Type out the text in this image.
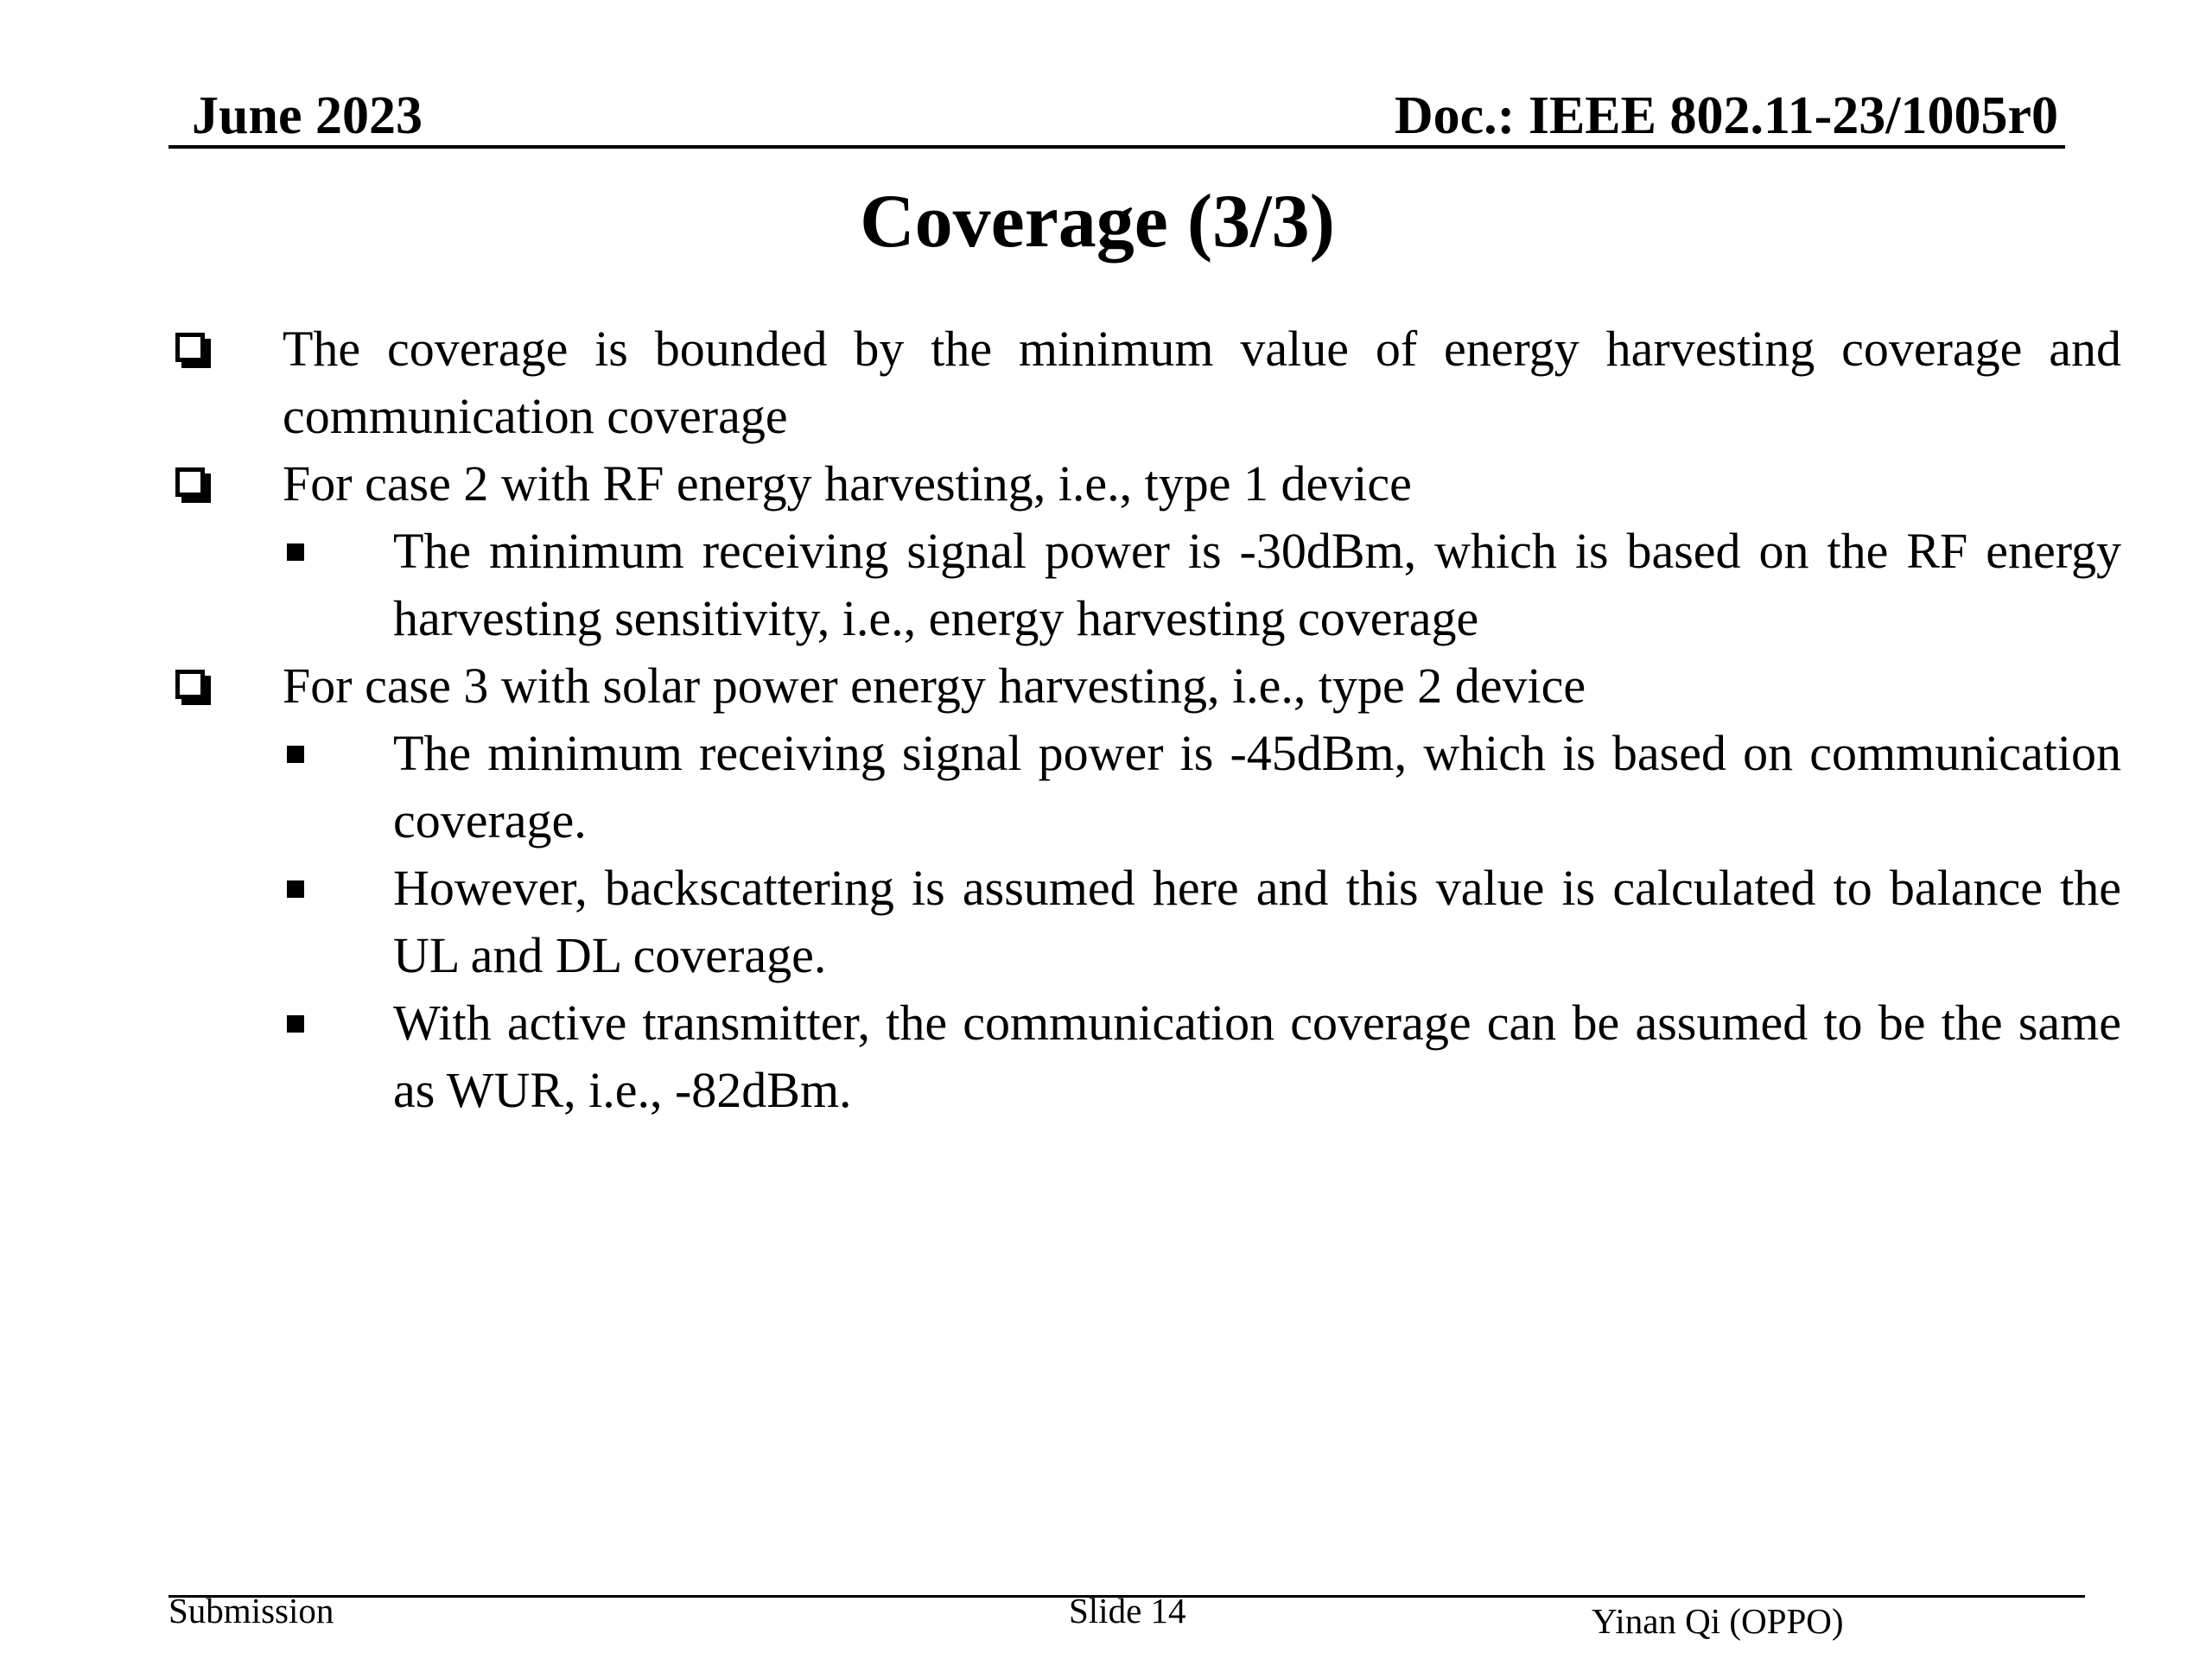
June 2023	Doc.: IEEE 802.11-23/1005r0
Coverage (3/3)
The coverage is bounded by the minimum value of energy harvesting coverage and communication coverage
For case 2 with RF energy harvesting, i.e., type 1 device
The minimum receiving signal power is -30dBm, which is based on the RF energy harvesting sensitivity, i.e., energy harvesting coverage
For case 3 with solar power energy harvesting, i.e., type 2 device
The minimum receiving signal power is -45dBm, which is based on communication coverage.
However, backscattering is assumed here and this value is calculated to balance the UL and DL coverage.
With active transmitter, the communication coverage can be assumed to be the same as WUR, i.e., -82dBm.
Submission	Slide 14	Yinan Qi (OPPO)
